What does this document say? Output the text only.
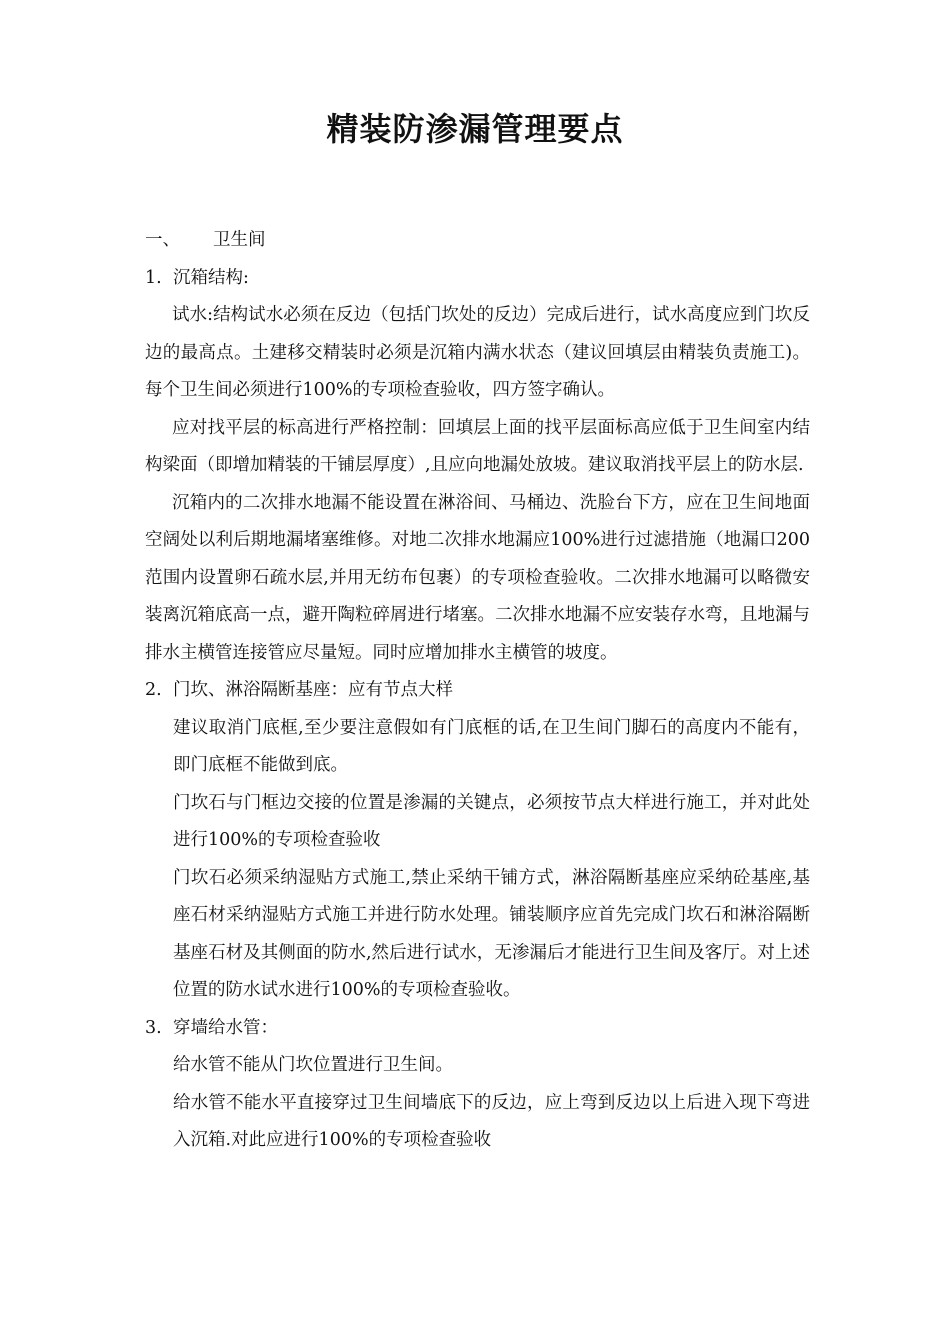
精装防渗漏管理要点
一、	卫生间
1. 沉箱结构:

试水:结构试水必须在反边（包括门坎处的反边）完成后进行，试水高度应到门坎反边的最高点。土建移交精装时必须是沉箱内满水状态（建议回填层由精装负责施工)。每个卫生间必须进行100%的专项检查验收，四方签字确认。

应对找平层的标高进行严格控制：回填层上面的找平层面标高应低于卫生间室内结构梁面（即增加精装的干铺层厚度）,且应向地漏处放坡。建议取消找平层上的防水层.

沉箱内的二次排水地漏不能设置在淋浴间、马桶边、洗脸台下方，应在卫生间地面空阔处以利后期地漏堵塞维修。对地二次排水地漏应100%进行过滤措施（地漏口200范围内设置卵石疏水层,并用无纺布包裹）的专项检查验收。二次排水地漏可以略微安装离沉箱底高一点，避开陶粒碎屑进行堵塞。二次排水地漏不应安装存水弯，且地漏与排水主横管连接管应尽量短。同时应增加排水主横管的坡度。

2. 门坎、淋浴隔断基座：应有节点大样

建议取消门底框,至少要注意假如有门底框的话,在卫生间门脚石的高度内不能有，即门底框不能做到底。

门坎石与门框边交接的位置是渗漏的关键点，必须按节点大样进行施工，并对此处进行100%的专项检查验收

门坎石必须采纳湿贴方式施工,禁止采纳干铺方式，淋浴隔断基座应采纳砼基座,基座石材采纳湿贴方式施工并进行防水处理。铺装顺序应首先完成门坎石和淋浴隔断基座石材及其侧面的防水,然后进行试水，无渗漏后才能进行卫生间及客厅。对上述位置的防水试水进行100%的专项检查验收。

3. 穿墙给水管：

给水管不能从门坎位置进行卫生间。

给水管不能水平直接穿过卫生间墙底下的反边，应上弯到反边以上后进入现下弯进入沉箱.对此应进行100%的专项检查验收
